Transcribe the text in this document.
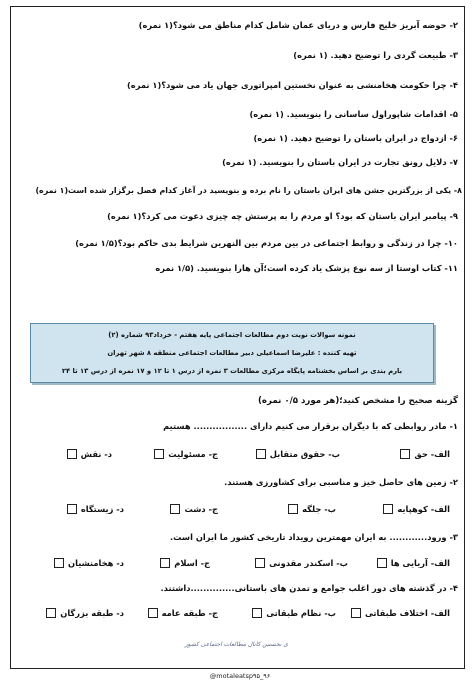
۲- حوضه آبریز خلیج فارس و دریای عمان شامل کدام مناطق می شود؟(۱ نمره)
۳- طبیعت گردی را توضیح دهید. (۱ نمره)
۴- چرا حکومت هخامنشی به عنوان نخستین امپراتوری جهان یاد می شود؟(۱ نمره)
۵- اقدامات شاپوراول ساسانی را بنویسید. (۱ نمره)
۶- ازدواج در ایران باستان را توضیح دهید. (۱ نمره)
۷- دلایل رونق تجارت در ایران باستان را بنویسید. (۱ نمره)
۸- یکی از بزرگترین جشن های ایران باستان را نام برده و بنویسید در آغاز کدام فصل برگزار شده است(۱ نمره)
۹- پیامبر ایران باستان که بود؟ او مردم را به پرستش چه چیزی دعوت می کرد؟(۱ نمره)
۱۰- چرا در زندگی و روابط اجتماعی در بین مردم بین النهرین شرایط بدی حاکم بود؟(۱/۵ نمره)
۱۱- کتاب اوستا از سه نوع پزشک یاد کرده است؛آن هارا بنویسید. (۱/۵ نمره
نمونه سوالات نوبت دوم مطالعات اجتماعی پایه هفتم - خرداد۹۳ شماره (۲)
تهیه کننده : علیرضا اسماعیلی دبیر مطالعات اجتماعی منطقه ۸ شهر تهران
بارم بندی بر اساس بخشنامه پایگاه مرکزی مطالعات ۳ نمره از درس ۱ تا ۱۲ و ۱۷ نمره از درس ۱۳ تا ۲۴
گزینه صحیح را مشخص کنید؛(هر مورد ۰/۵ نمره)
۱- مادر روابطی که با دیگران برقرار می کنیم دارای ................. هستیم
الف- حق
ب- حقوق متقابل
ج- مسئولیت
د- نقش
۲- زمین های حاصل خیز و مناسبی برای کشاورزی هستند.
الف- کوهپایه
ب- جلگه
ج- دشت
د- زیستگاه
۳- ورود............ به ایران مهمترین رویداد تاریخی کشور ما ایران است.
الف- آریایی ها
ب- اسکندر مقدونی
ج- اسلام
د- هخامنشیان
۴- در گذشته های دور اغلب جوامع و تمدن های باستانی..............داشتند.
الف- اختلاف طبقاتی
ب- نظام طبقاتی
ج- طبقه عامه
د- طبقه بزرگان
ی نخستین کانال مطالعات اجتماعی کشور
@motaleatsp۹۵_۹۶
